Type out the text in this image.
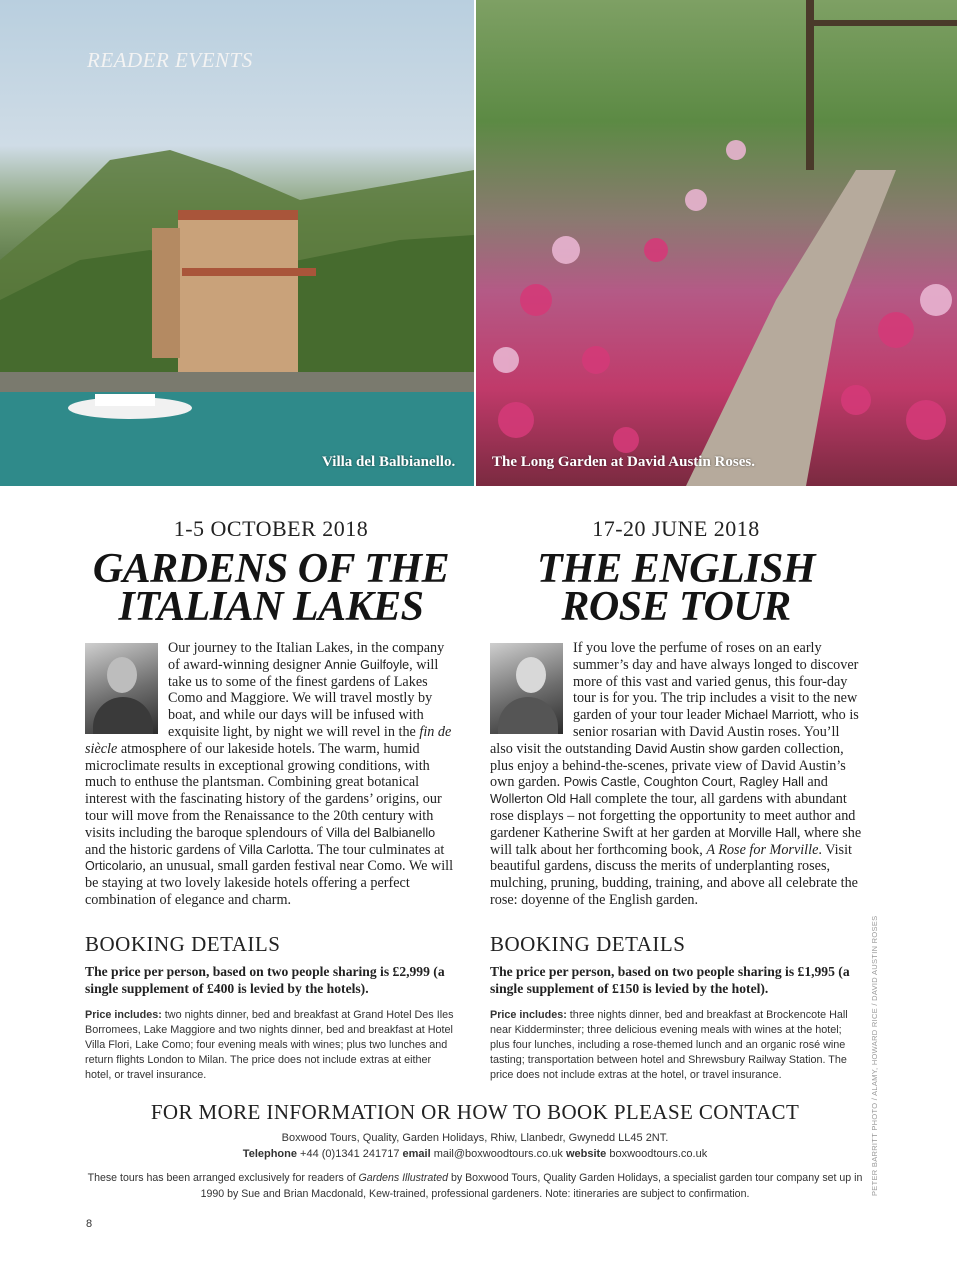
READER EVENTS
Villa del Balbianello. The Long Garden at David Austin Roses.
1-5 OCTOBER 2018
GARDENS OF THE
ITALIAN LAKES
Our journey to the Italian Lakes, in the company of award-winning designer Annie Guilfoyle, will take us to some of the finest gardens of Lakes Como and Maggiore. We will travel mostly by boat, and while our days will be infused with exquisite light, by night we will revel in the fin de siècle atmosphere of our lakeside hotels. The warm, humid microclimate results in exceptional growing conditions, with much to enthuse the plantsman. Combining great botanical interest with the fascinating history of the gardens’ origins, our tour will move from the Renaissance to the 20th century with visits including the baroque splendours of Villa del Balbianello and the historic gardens of Villa Carlotta. The tour culminates at Orticolario, an unusual, small garden festival near Como. We will be staying at two lovely lakeside hotels offering a perfect combination of elegance and charm.
17-20 JUNE 2018
THE ENGLISH
ROSE TOUR
If you love the perfume of roses on an early summer’s day and have always longed to discover more of this vast and varied genus, this four-day tour is for you. The trip includes a visit to the new garden of your tour leader Michael Marriott, who is senior rosarian with David Austin roses. You’ll also visit the outstanding David Austin show garden collection, plus enjoy a behind-the-scenes, private view of David Austin’s own garden. Powis Castle, Coughton Court, Ragley Hall and Wollerton Old Hall complete the tour, all gardens with abundant rose displays – not forgetting the opportunity to meet author and gardener Katherine Swift at her garden at Morville Hall, where she will talk about her forthcoming book, A Rose for Morville. Visit beautiful gardens, discuss the merits of underplanting roses, mulching, pruning, budding, training, and above all celebrate the rose: doyenne of the English garden.
BOOKING DETAILS
The price per person, based on two people sharing is £2,999 (a single supplement of £400 is levied by the hotels).
Price includes: two nights dinner, bed and breakfast at Grand Hotel Des Iles Borromees, Lake Maggiore and two nights dinner, bed and breakfast at Hotel Villa Flori, Lake Como; four evening meals with wines; plus two lunches and return flights London to Milan. The price does not include extras at either hotel, or travel insurance.
BOOKING DETAILS
The price per person, based on two people sharing is £1,995 (a single supplement of £150 is levied by the hotel).
Price includes: three nights dinner, bed and breakfast at Brockencote Hall near Kidderminster; three delicious evening meals with wines at the hotel; plus four lunches, including a rose-themed lunch and an organic rosé wine tasting; transportation between hotel and Shrewsbury Railway Station. The price does not include extras at the hotel, or travel insurance.
FOR MORE INFORMATION OR HOW TO BOOK PLEASE CONTACT
Boxwood Tours, Quality, Garden Holidays, Rhiw, Llanbedr, Gwynedd LL45 2NT.
Telephone +44 (0)1341 241717 email mail@boxwoodtours.co.uk website boxwoodtours.co.uk
These tours has been arranged exclusively for readers of Gardens Illustrated by Boxwood Tours, Quality Garden Holidays, a specialist garden tour company set up in 1990 by Sue and Brian Macdonald, Kew-trained, professional gardeners. Note: itineraries are subject to confirmation.	PETER BARRITT PHOTO / ALAMY, HOWARD RICE / DAVID AUSTIN ROSES
8
